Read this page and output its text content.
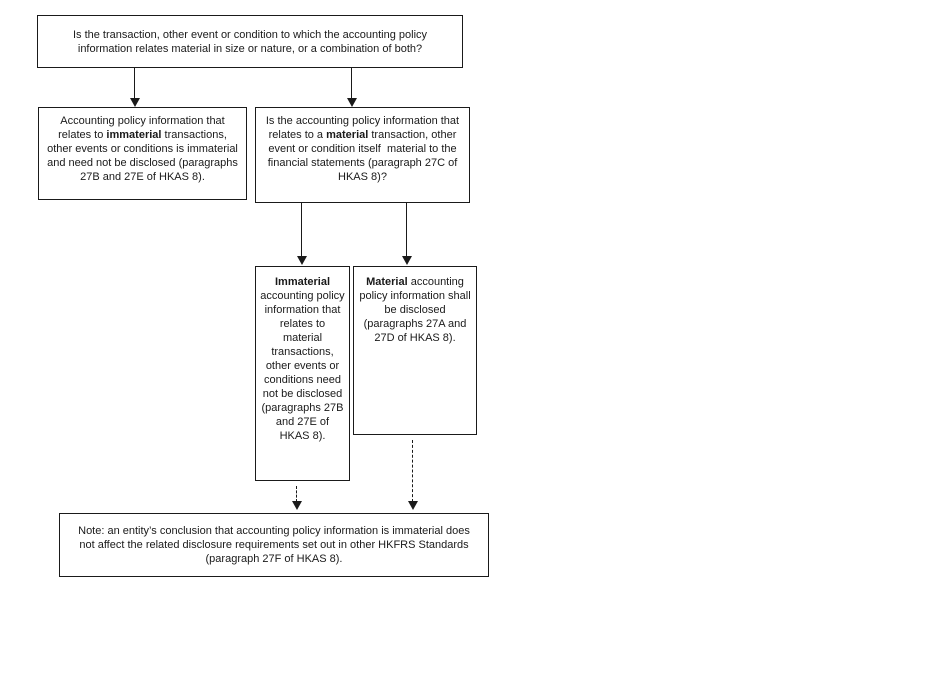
Is the transaction, other event or condition to which the accounting policy information relates material in size or nature, or a combination of both?
Accounting policy information that relates to immaterial transactions, other events or conditions is immaterial and need not be disclosed (paragraphs 27B and 27E of HKAS 8).
Is the accounting policy information that relates to a material transaction, other event or condition itself  material to the financial statements (paragraph 27C of HKAS 8)?
Immaterial accounting policy information that relates to material transactions, other events or conditions need not be disclosed (paragraphs 27B and 27E of HKAS 8).
Material accounting policy information shall be disclosed (paragraphs 27A and 27D of HKAS 8).
Note: an entity’s conclusion that accounting policy information is immaterial does not affect the related disclosure requirements set out in other HKFRS Standards (paragraph 27F of HKAS 8).
